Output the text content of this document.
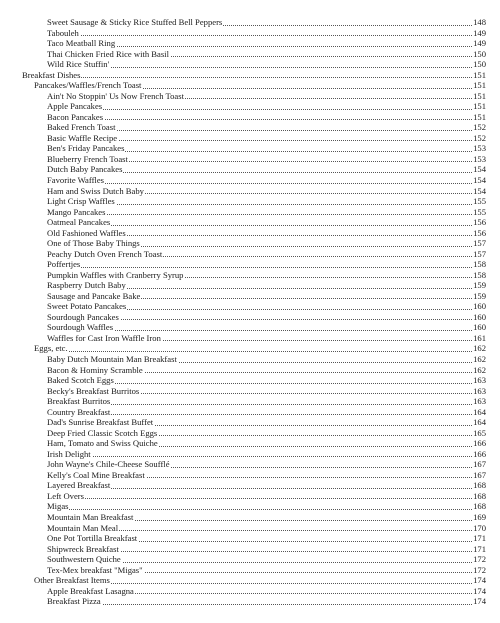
Sweet Sausage & Sticky Rice Stuffed Bell Peppers	148
Tabouleh	149
Taco Meatball Ring	149
Thai Chicken Fried Rice with Basil	150
Wild Rice Stuffin'	150
Breakfast Dishes	151
Pancakes/Waffles/French Toast	151
Ain't No Stoppin' Us Now French Toast	151
Apple Pancakes	151
Bacon Pancakes	151
Baked French Toast	152
Basic Waffle Recipe	152
Ben's Friday Pancakes	153
Blueberry French Toast	153
Dutch Baby Pancakes	154
Favorite Waffles	154
Ham and Swiss Dutch Baby	154
Light Crisp Waffles	155
Mango Pancakes	155
Oatmeal Pancakes	156
Old Fashioned Waffles	156
One of Those Baby Things	157
Peachy Dutch Oven French Toast	157
Poffertjes	158
Pumpkin Waffles with Cranberry Syrup	158
Raspberry Dutch Baby	159
Sausage and Pancake Bake	159
Sweet Potato Pancakes	160
Sourdough Pancakes	160
Sourdough Waffles	160
Waffles for Cast Iron Waffle Iron	161
Eggs, etc.	162
Baby Dutch Mountain Man Breakfast	162
Bacon & Hominy Scramble	162
Baked Scotch Eggs	163
Becky's Breakfast Burritos	163
Breakfast Burritos	163
Country Breakfast	164
Dad's Sunrise Breakfast Buffet	164
Deep Fried Classic Scotch Eggs	165
Ham, Tomato and Swiss Quiche	166
Irish Delight	166
John Wayne's Chile-Cheese Soufflé	167
Kelly's Coal Mine Breakfast	167
Layered Breakfast	168
Left Overs	168
Migas	168
Mountain Man Breakfast	169
Mountain Man Meal	170
One Pot Tortilla Breakfast	171
Shipwreck Breakfast	171
Southwestern Quiche	172
Tex-Mex breakfast "Migas"	172
Other Breakfast Items	174
Apple Breakfast Lasagna	174
Breakfast Pizza	174
